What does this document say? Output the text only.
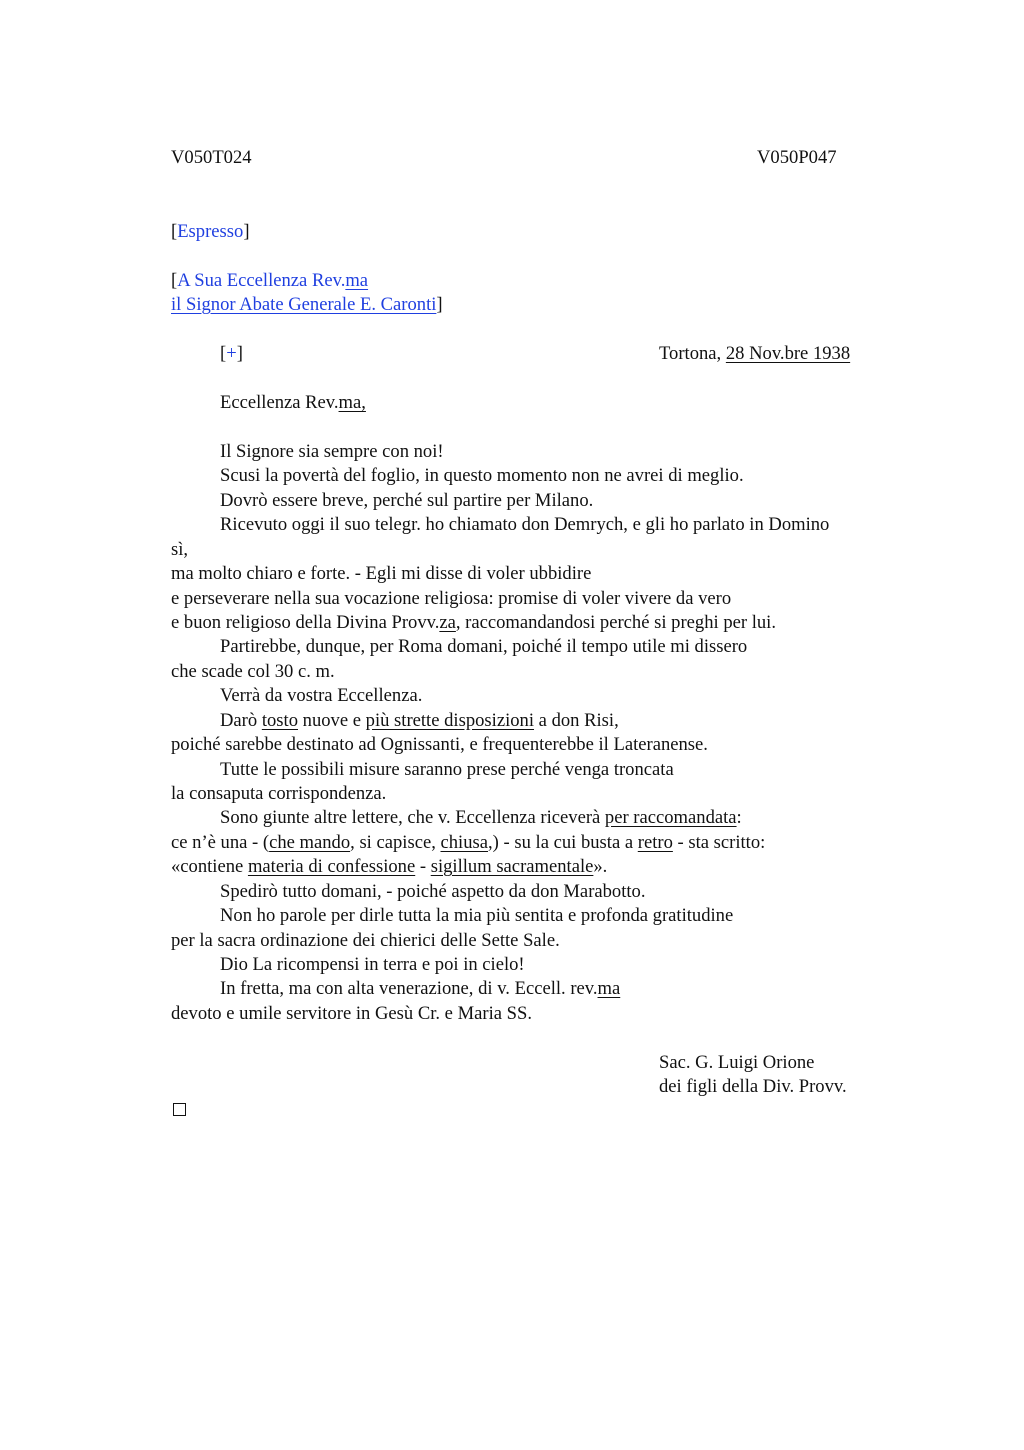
V050T024	V050P047
[Espresso]
[A Sua Eccellenza Rev.ma
il Signor Abate Generale E. Caronti]
[+]	Tortona, 28 Nov.bre 1938
Eccellenza Rev.ma,
Il Signore sia sempre con noi!
Scusi la povertà del foglio, in questo momento non ne avrei di meglio.
Dovrò essere breve, perché sul partire per Milano.
Ricevuto oggi il suo telegr. ho chiamato don Demrych, e gli ho parlato in Domino
sì,
ma molto chiaro e forte. - Egli mi disse di voler ubbidire
e perseverare nella sua vocazione religiosa: promise di voler vivere da vero
e buon religioso della Divina Provv.za, raccomandandosi perché si preghi per lui.
Partirebbe, dunque, per Roma domani, poiché il tempo utile mi dissero
che scade col 30 c. m.
Verrà da vostra Eccellenza.
Darò tosto nuove e più strette disposizioni a don Risi,
poiché sarebbe destinato ad Ognissanti, e frequenterebbe il Lateranense.
Tutte le possibili misure saranno prese perché venga troncata
la consaputa corrispondenza.
Sono giunte altre lettere, che v. Eccellenza riceverà per raccomandata:
ce n’è una - (che mando, si capisce, chiusa,) - su la cui busta a retro - sta scritto:
«contiene materia di confessione - sigillum sacramentale».
Spedirò tutto domani, - poiché aspetto da don Marabotto.
Non ho parole per dirle tutta la mia più sentita e profonda gratitudine
per la sacra ordinazione dei chierici delle Sette Sale.
Dio La ricompensi in terra e poi in cielo!
In fretta, ma con alta venerazione, di v. Eccell. rev.ma
devoto e umile servitore in Gesù Cr. e Maria SS.
Sac. G. Luigi Orione
dei figli della Div. Provv.
